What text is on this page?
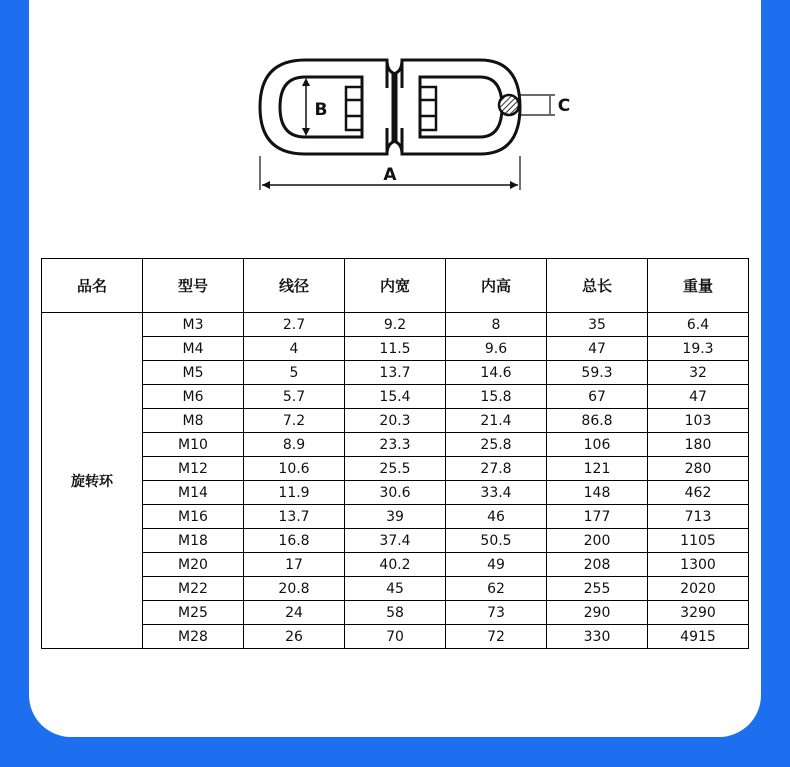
B	C
A
品名	型号	线径	内宽	内高	总长	重量
旋转环	M3	2.7	9.2	8	35	6.4
	M4	4	11.5	9.6	47	19.3
	M5	5	13.7	14.6	59.3	32
	M6	5.7	15.4	15.8	67	47
	M8	7.2	20.3	21.4	86.8	103
	M10	8.9	23.3	25.8	106	180
	M12	10.6	25.5	27.8	121	280
	M14	11.9	30.6	33.4	148	462
	M16	13.7	39	46	177	713
	M18	16.8	37.4	50.5	200	1105
	M20	17	40.2	49	208	1300
	M22	20.8	45	62	255	2020
	M25	24	58	73	290	3290
	M28	26	70	72	330	4915
